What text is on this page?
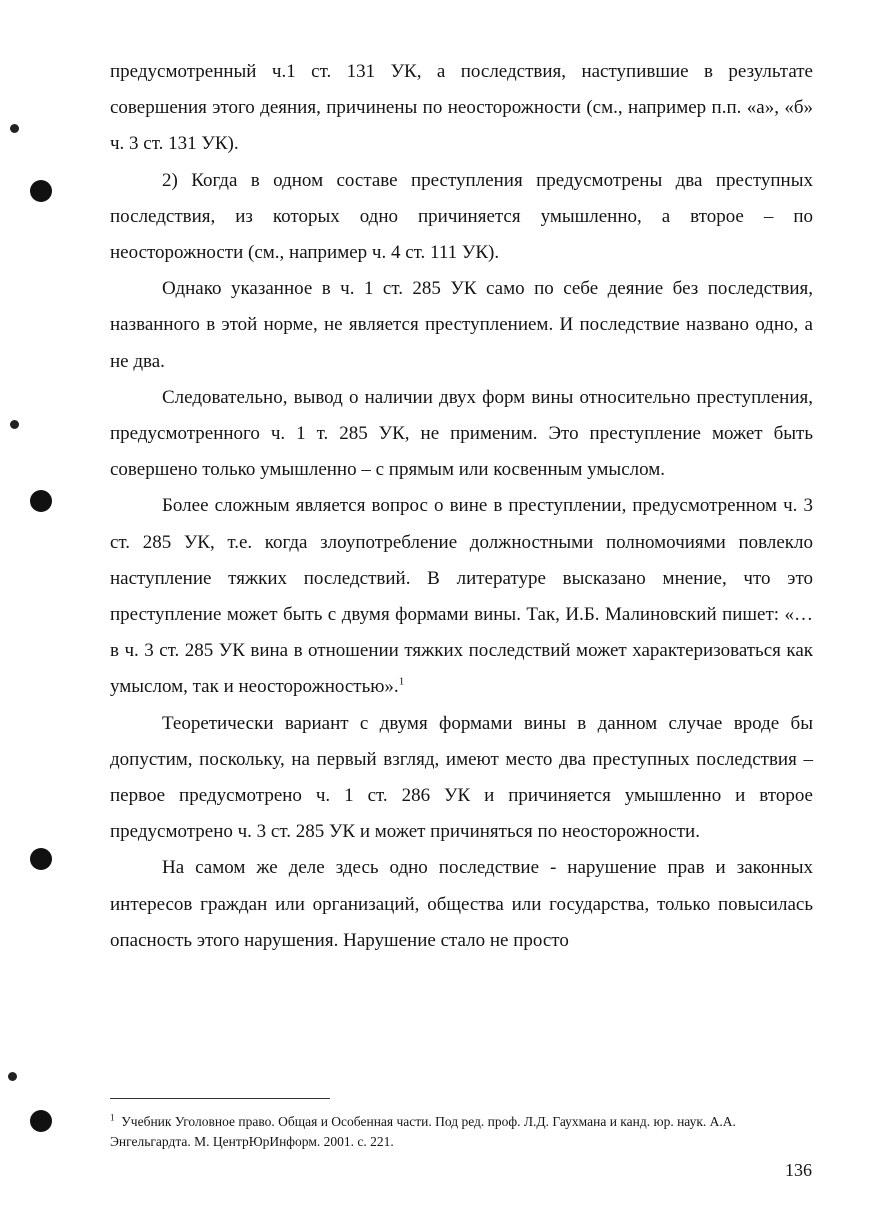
предусмотренный ч.1 ст. 131 УК, а последствия, наступившие в результате совершения этого деяния, причинены по неосторожности (см., например п.п. «а», «б» ч. 3 ст. 131 УК).

2) Когда в одном составе преступления предусмотрены два преступных последствия, из которых одно причиняется умышленно, а второе – по неосторожности (см., например ч. 4 ст. 111 УК).

Однако указанное в ч. 1 ст. 285 УК само по себе деяние без последствия, названного в этой норме, не является преступлением. И последствие названо одно, а не два.

Следовательно, вывод о наличии двух форм вины относительно преступления, предусмотренного ч. 1 т. 285 УК, не применим. Это преступление может быть совершено только умышленно – с прямым или косвенным умыслом.

Более сложным является вопрос о вине в преступлении, предусмотренном ч. 3 ст. 285 УК, т.е. когда злоупотребление должностными полномочиями повлекло наступление тяжких последствий. В литературе высказано мнение, что это преступление может быть с двумя формами вины. Так, И.Б. Малиновский пишет: «… в ч. 3 ст. 285 УК вина в отношении тяжких последствий может характеризоваться как умыслом, так и неосторожностью».$^1$

Теоретически вариант с двумя формами вины в данном случае вроде бы допустим, поскольку, на первый взгляд, имеют место два преступных последствия – первое предусмотрено ч. 1 ст. 286 УК и причиняется умышленно и второе предусмотрено ч. 3 ст. 285 УК и может причиняться по неосторожности.

На самом же деле здесь одно последствие - нарушение прав и законных интересов граждан или организаций, общества или государства, только повысилась опасность этого нарушения. Нарушение стало не просто

$^1$ Учебник Уголовное право. Общая и Особенная части. Под ред. проф. Л.Д. Гаухмана и канд. юр. наук. А.А. Энгельгардта. М. ЦентрЮрИнформ. 2001. с. 221.
136
